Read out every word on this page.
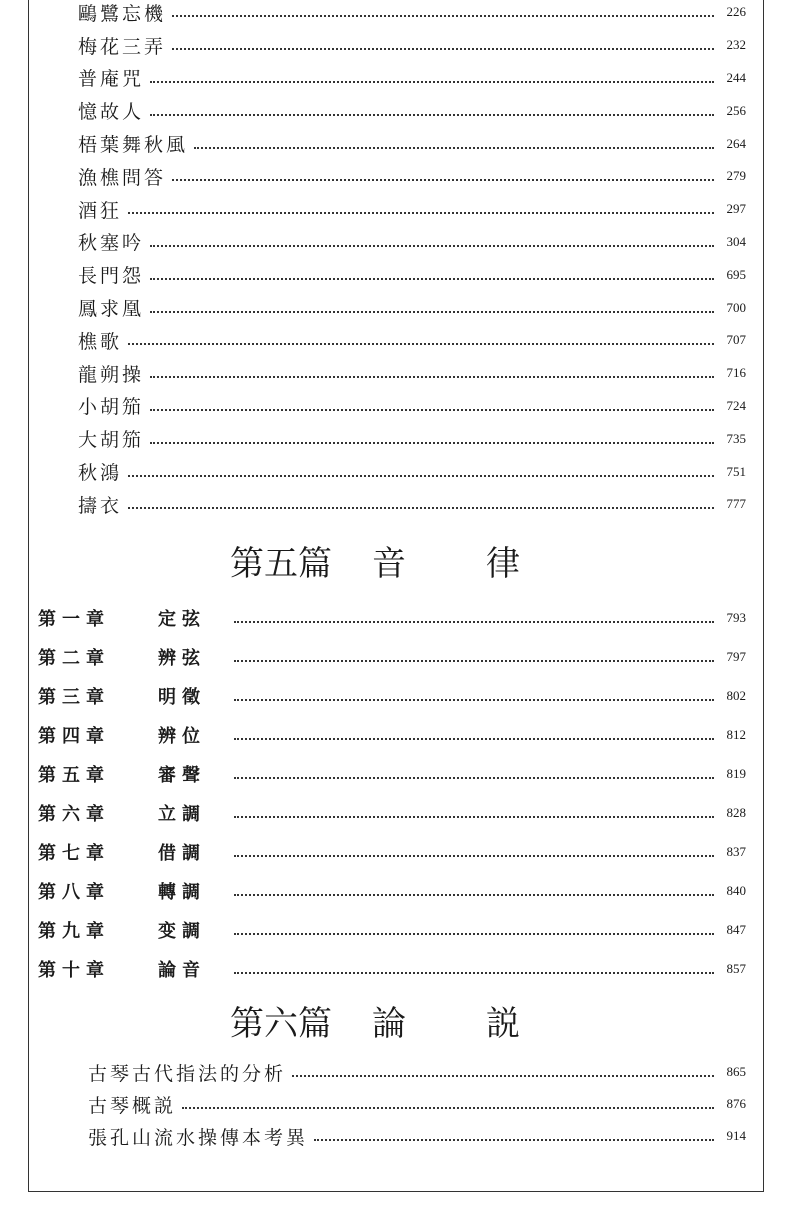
鷗鷺忘機	226
梅花三弄	232
普庵咒	244
憶故人	256
梧葉舞秋風	264
漁樵問答	279
酒狂	297
秋塞吟	304
長門怨	695
鳳求凰	700
樵歌	707
龍朔操	716
小胡笳	724
大胡笳	735
秋鴻	751
擣衣	777
第五篇 音 律
第一章	定弦	793
第二章	辨弦	797
第三章	明徵	802
第四章	辨位	812
第五章	審聲	819
第六章	立調	828
第七章	借調	837
第八章	轉調	840
第九章	变調	847
第十章	論音	857
第六篇 論 説
古琴古代指法的分析	865
古琴概説	876
張孔山流水操傳本考異	914
